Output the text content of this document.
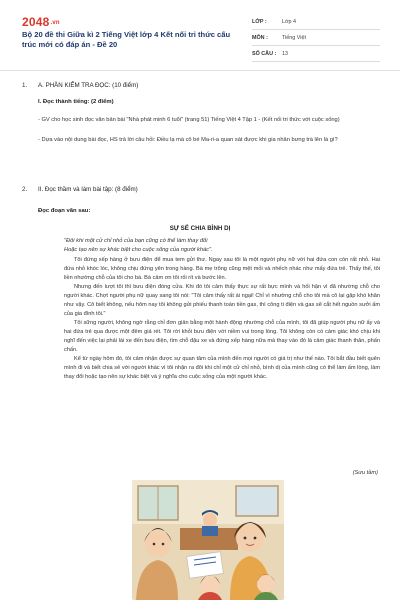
2048.vn
Bộ 20 đề thi Giữa kì 2 Tiếng Việt lớp 4 Kết nối tri thức cấu trúc mới có đáp án - Đề 20
LỚP :	Lớp 4
MÔN :	Tiếng Việt
SỐ CÂU :	13
1. A. PHẦN KIỂM TRA ĐỌC: (10 điểm)
I. Đọc thành tiếng: (2 điểm)
- GV cho học sinh đọc văn bản bài "Nhà phát minh 6 tuổi" (trang 51) Tiếng Việt 4 Tập 1 - (Kết nối tri thức với cuộc sống)
- Dựa vào nội dung bài đọc, HS trả lời câu hỏi: Điều lạ mà cô bé Ma-ri-a quan sát được khi gia nhân bưng trà lên là gì?
2. II. Đọc thầm và làm bài tập: (8 điểm)
Đọc đoạn văn sau:
SỰ SẺ CHIA BÌNH DỊ
"Đôi khi một cử chỉ nhỏ của bạn cũng có thể làm thay đổi
Hoặc tạo nên sự khác biệt cho cuộc sống của người khác".

Tôi đứng xếp hàng ở bưu điện để mua tem gửi thư. Ngay sau tôi là một người phụ nữ với hai đứa con còn rất nhỏ. Hai đứa nhỏ khóc lóc, không chịu đứng yên trong hàng. Bà mẹ trông cũng mệt mỏi và nhếch nhác như mấy đứa trẻ. Thấy thế, tôi liền nhường chỗ của tôi cho bà. Bà cảm ơn tôi rối rít và bước lên.

Nhưng đến lượt tôi thì bưu điện đóng cửa. Khi đó tôi cảm thấy thực sự rất bực mình và hối hận vì đã nhường chỗ cho người khác. Chợt người phụ nữ quay sang tôi nói: "Tôi cảm thấy rất ái ngại! Chỉ vì nhường chỗ cho tôi mà cô lại gặp khó khăn như vậy. Cô biết không, nếu hôm nay tôi không gửi phiếu thanh toán tiền gas, thì công ti điện và gas sẽ cắt hết nguồn sưởi ấm của gia đình tôi."

Tôi sững người, không ngờ rằng chỉ đơn giản bằng một hành động nhường chỗ của mình, tôi đã giúp người phụ nữ ấy và hai đứa trẻ qua được một đêm giá rét. Tôi rời khỏi bưu điện với niềm vui trong lòng. Tôi không còn có cảm giác khó chịu khi nghĩ đến việc lại phải lái xe đến bưu điện, tìm chỗ đậu xe và đứng xếp hàng nữa mà thay vào đó là cảm giác thanh thản, phấn chấn.

Kể từ ngày hôm đó, tôi cảm nhận được sự quan tâm của mình đến mọi người có giá trị như thế nào. Tôi bắt đầu biết quên mình đi và biết chia sẻ với người khác vì tôi nhận ra đôi khi chỉ một cử chỉ nhỏ, bình dị của mình cũng có thể làm ấm lòng, làm thay đổi hoặc tạo nên sự khác biệt và ý nghĩa cho cuộc sống của một người khác.

(Sưu tầm)
